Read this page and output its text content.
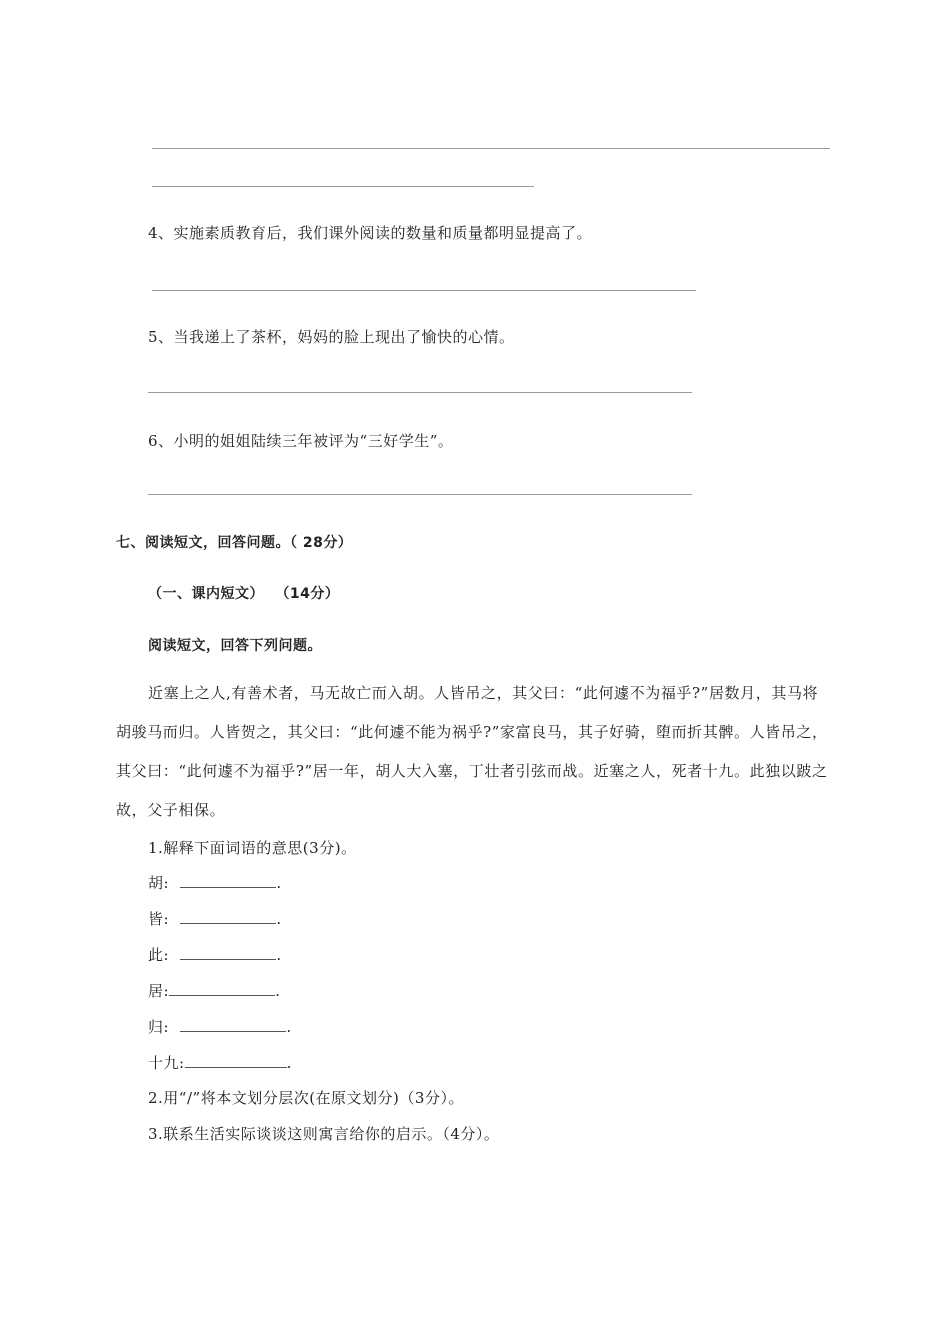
4、实施素质教育后，我们课外阅读的数量和质量都明显提高了。
5、当我递上了茶杯，妈妈的脸上现出了愉快的心情。
6、小明的姐姐陆续三年被评为“三好学生”。
七、阅读短文，回答问题。（ 28分）
（一、课内短文） （14分）
阅读短文，回答下列问题。
近塞上之人,有善术者，马无故亡而入胡。人皆吊之，其父曰：“此何遽不为福乎?”居数月，其马将胡骏马而归。人皆贺之，其父曰：“此何遽不能为祸乎?”家富良马，其子好骑，堕而折其髀。人皆吊之，其父曰：“此何遽不为福乎?”居一年，胡人大入塞，丁壮者引弦而战。近塞之人，死者十九。此独以跛之故，父子相保。
1.解释下面词语的意思(3分)。
胡:	.
皆:	.
此:	.
居:	.
归:	.
十九:	.
2.用“/”将本文划分层次(在原文划分)（3分）。
3.联系生活实际谈谈这则寓言给你的启示。（4分）。
